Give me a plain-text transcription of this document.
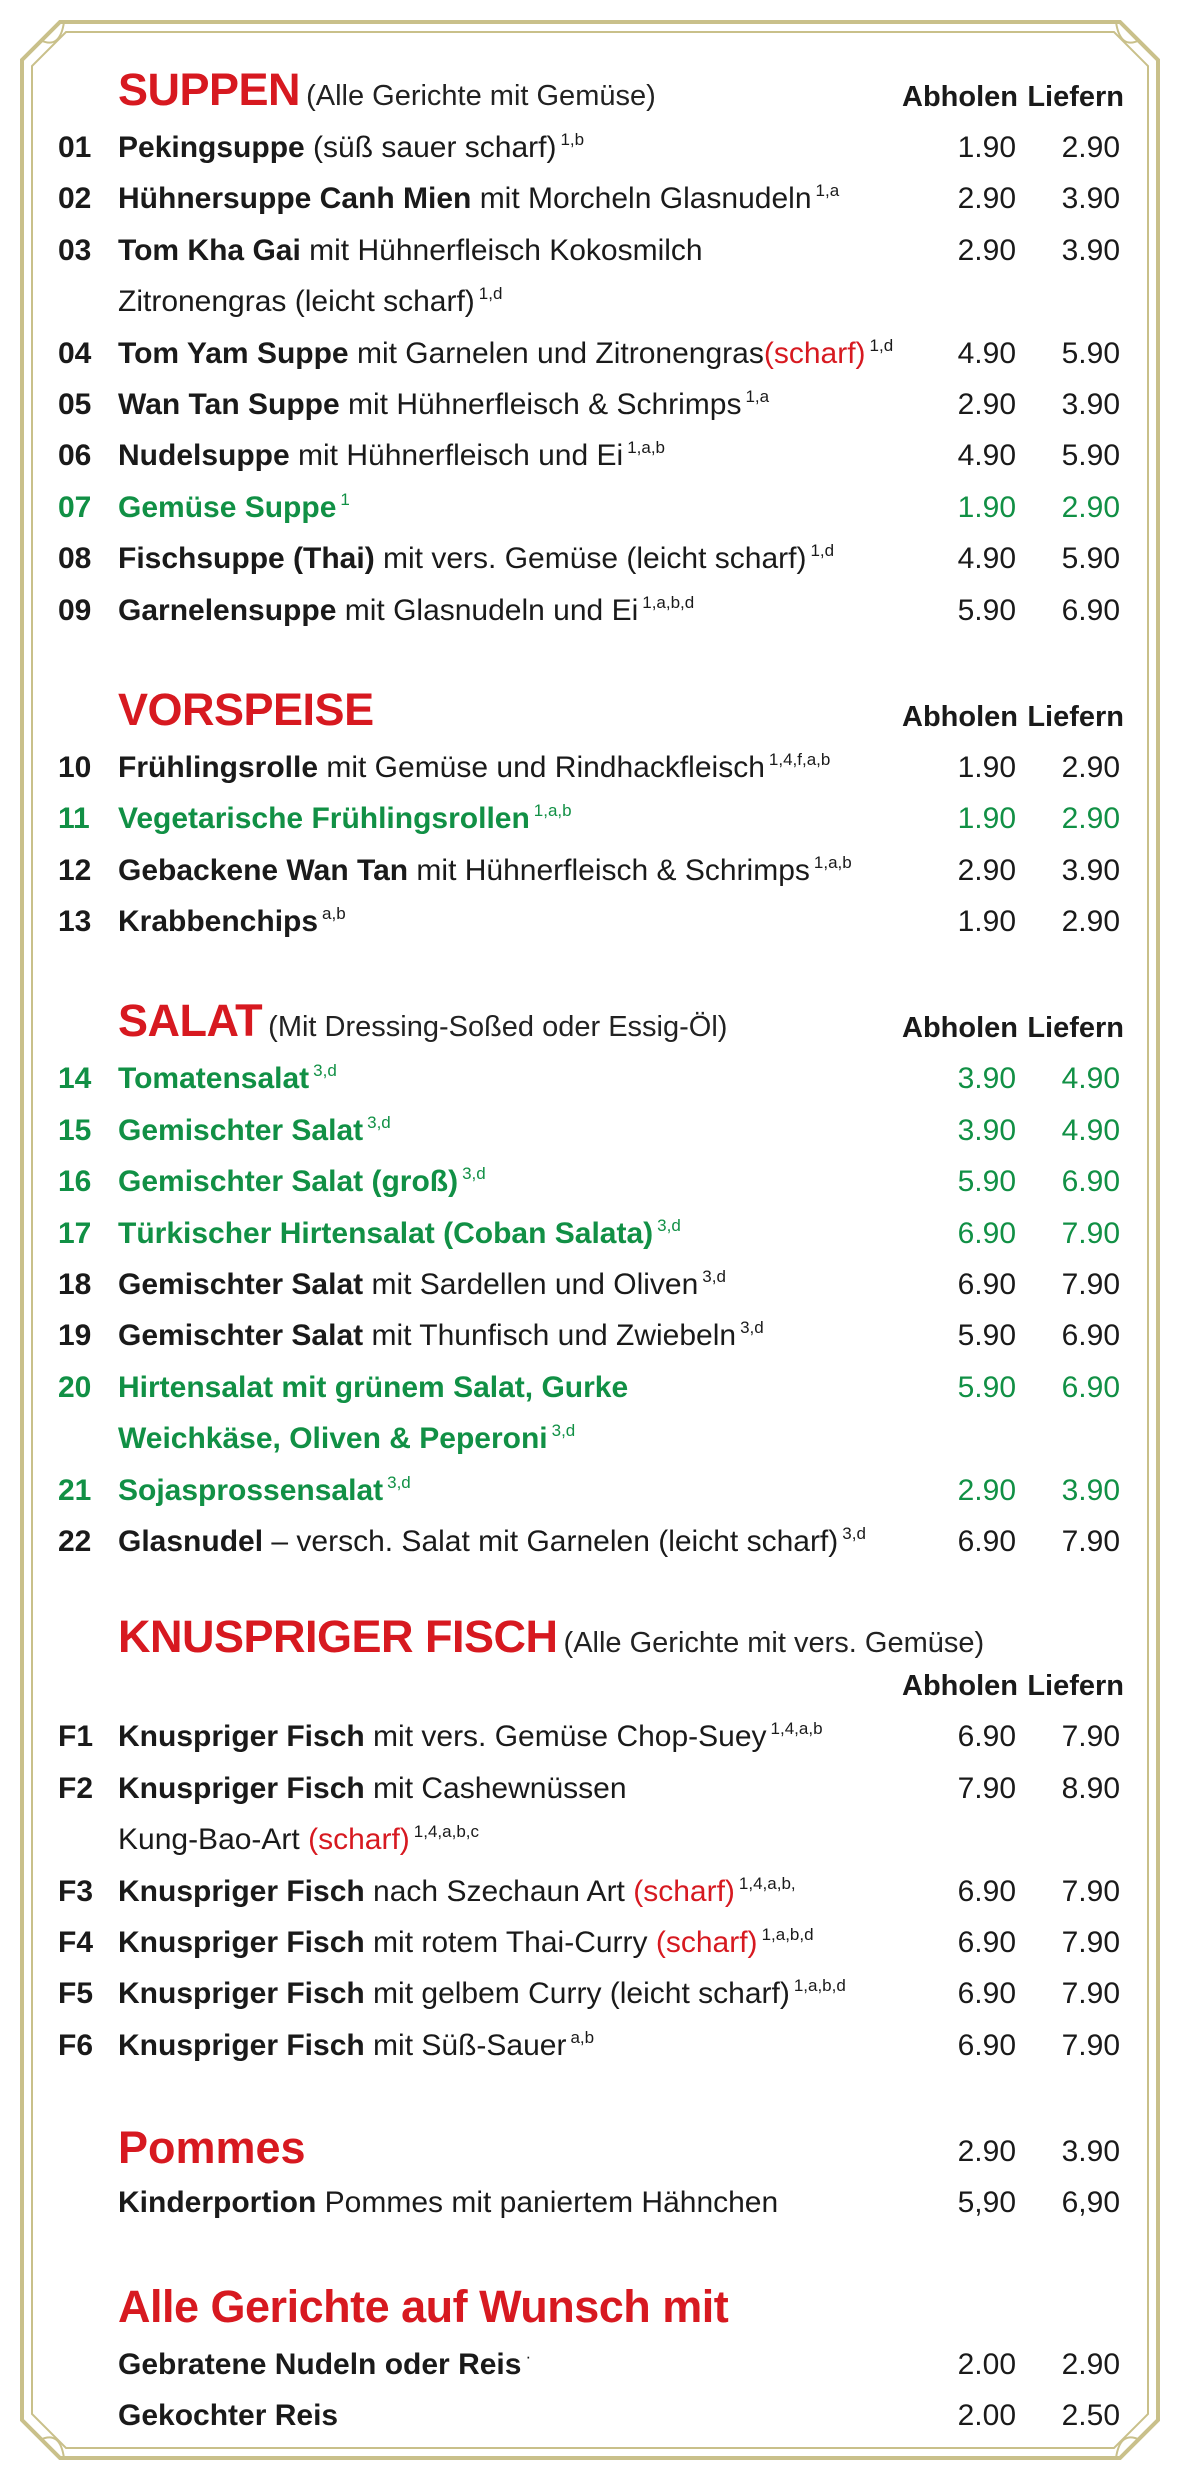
SUPPEN (Alle Gerichte mit Gemüse)	Abholen Liefern
01 Pekingsuppe (süß sauer scharf) $^{1,b}$	1.90	2.90
02 Hühnersuppe Canh Mien mit Morcheln Glasnudeln $^{1,a}$	2.90	3.90
03 Tom Kha Gai mit Hühnerfleisch Kokosmilch	2.90	3.90
Zitronengras (leicht scharf) $^{1,d}$
04 Tom Yam Suppe mit Garnelen und Zitronengras(scharf) $^{1,d}$	4.90	5.90
05 Wan Tan Suppe mit Hühnerfleisch & Schrimps $^{1,a}$	2.90	3.90
06 Nudelsuppe mit Hühnerfleisch und Ei $^{1,a,b}$	4.90	5.90
07 Gemüse Suppe $^1$	1.90	2.90
08 Fischsuppe (Thai) mit vers. Gemüse (leicht scharf) $^{1,d}$	4.90	5.90
09 Garnelensuppe mit Glasnudeln und Ei $^{1,a,b,d}$	5.90	6.90
VORSPEISE	Abholen Liefern
10 Frühlingsrolle mit Gemüse und Rindhackfleisch $^{1,4,f,a,b}$	1.90	2.90
11 Vegetarische Frühlingsrollen $^{1,a,b}$	1.90	2.90
12 Gebackene Wan Tan mit Hühnerfleisch & Schrimps $^{1,a,b}$	2.90	3.90
13 Krabbenchips $^{a,b}$	1.90	2.90
SALAT (Mit Dressing-Soßed oder Essig-Öl)	Abholen Liefern
14 Tomatensalat $^{3,d}$	3.90	4.90
15 Gemischter Salat $^{3,d}$	3.90	4.90
16 Gemischter Salat (groß) $^{3,d}$	5.90	6.90
17 Türkischer Hirtensalat (Coban Salata) $^{3,d}$	6.90	7.90
18 Gemischter Salat mit Sardellen und Oliven $^{3,d}$	6.90	7.90
19 Gemischter Salat mit Thunfisch und Zwiebeln $^{3,d}$	5.90	6.90
20 Hirtensalat mit grünem Salat, Gurke	5.90	6.90
Weichkäse, Oliven & Peperoni $^{3,d}$
21 Sojasprossensalat $^{3,d}$	2.90	3.90
22 Glasnudel – versch. Salat mit Garnelen (leicht scharf) $^{3,d}$	6.90	7.90
KNUSPRIGER FISCH (Alle Gerichte mit vers. Gemüse)
Abholen Liefern
F1 Knuspriger Fisch mit vers. Gemüse Chop-Suey $^{1,4,a,b}$	6.90	7.90
F2 Knuspriger Fisch mit Cashewnüssen	7.90	8.90
Kung-Bao-Art (scharf) $^{1,4,a,b,c}$
F3 Knuspriger Fisch nach Szechaun Art (scharf) $^{1,4,a,b,}$	6.90	7.90
F4 Knuspriger Fisch mit rotem Thai-Curry (scharf) $^{1,a,b,d}$	6.90	7.90
F5 Knuspriger Fisch mit gelbem Curry (leicht scharf) $^{1,a,b,d}$	6.90	7.90
F6 Knuspriger Fisch mit Süß-Sauer $^{a,b}$	6.90	7.90
Pommes	2.90	3.90
Kinderportion Pommes mit paniertem Hähnchen	5,90	6,90
Alle Gerichte auf Wunsch mit
Gebratene Nudeln oder Reis ·	2.00	2.90
Gekochter Reis	2.00	2.50
